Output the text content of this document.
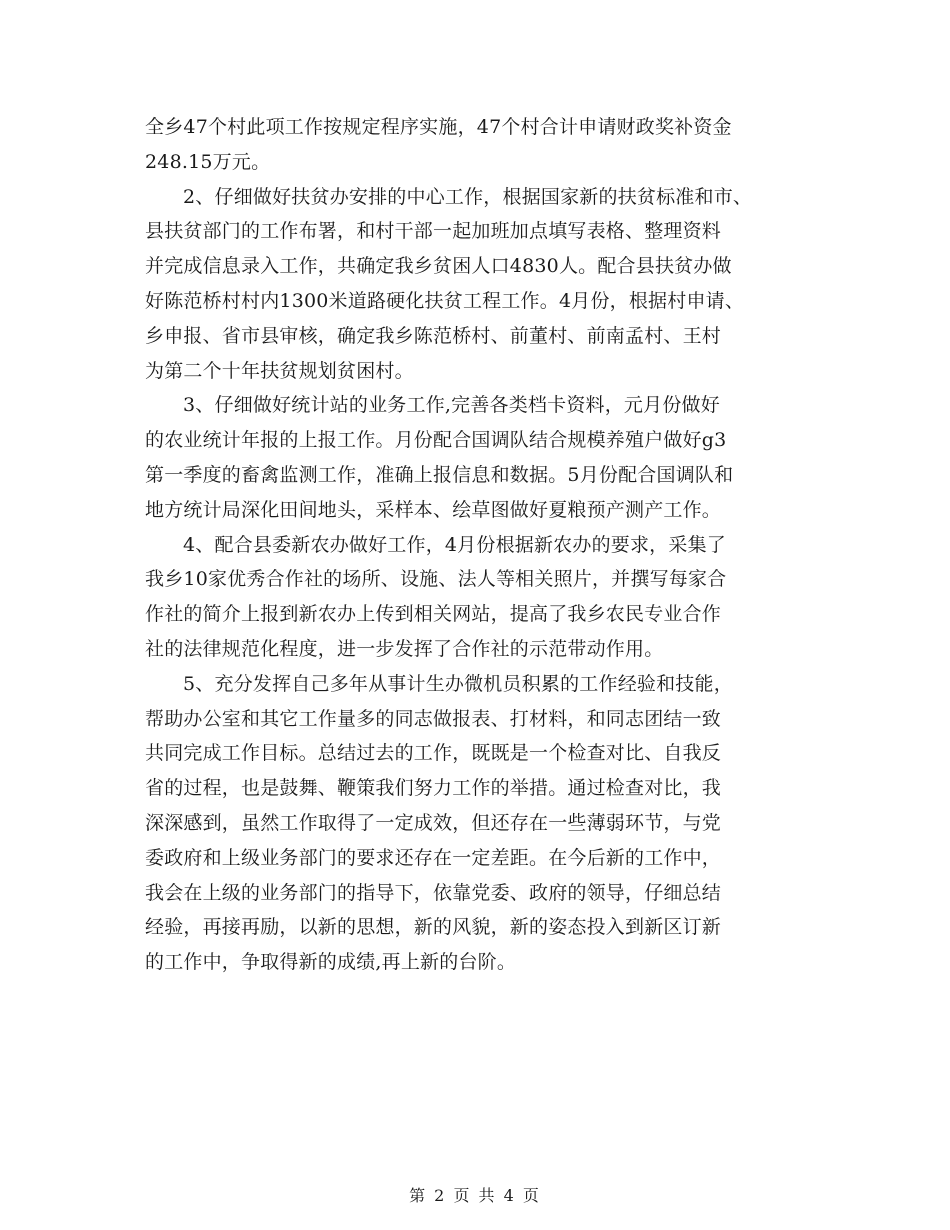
全乡47个村此项工作按规定程序实施，47个村合计申请财政奖补资金
248.15万元。
2、仔细做好扶贫办安排的中心工作，根据国家新的扶贫标准和市、
县扶贫部门的工作布署，和村干部一起加班加点填写表格、整理资料
并完成信息录入工作，共确定我乡贫困人口4830人。配合县扶贫办做
好陈范桥村村内1300米道路硬化扶贫工程工作。4月份，根据村申请、
乡申报、省市县审核，确定我乡陈范桥村、前董村、前南孟村、王村
为第二个十年扶贫规划贫困村。
3、仔细做好统计站的业务工作,完善各类档卡资料，元月份做好
的农业统计年报的上报工作。月份配合国调队结合规模养殖户做好g3
第一季度的畜禽监测工作，准确上报信息和数据。5月份配合国调队和
地方统计局深化田间地头，采样本、绘草图做好夏粮预产测产工作。
4、配合县委新农办做好工作，4月份根据新农办的要求，采集了
我乡10家优秀合作社的场所、设施、法人等相关照片，并撰写每家合
作社的简介上报到新农办上传到相关网站，提高了我乡农民专业合作
社的法律规范化程度，进一步发挥了合作社的示范带动作用。
5、充分发挥自己多年从事计生办微机员积累的工作经验和技能，
帮助办公室和其它工作量多的同志做报表、打材料，和同志团结一致
共同完成工作目标。总结过去的工作，既既是一个检查对比、自我反
省的过程，也是鼓舞、鞭策我们努力工作的举措。通过检查对比，我
深深感到，虽然工作取得了一定成效，但还存在一些薄弱环节，与党
委政府和上级业务部门的要求还存在一定差距。在今后新的工作中，
我会在上级的业务部门的指导下，依靠党委、政府的领导，仔细总结
经验，再接再励，以新的思想，新的风貌，新的姿态投入到新区订新
的工作中，争取得新的成绩,再上新的台阶。
第 2 页 共 4 页
